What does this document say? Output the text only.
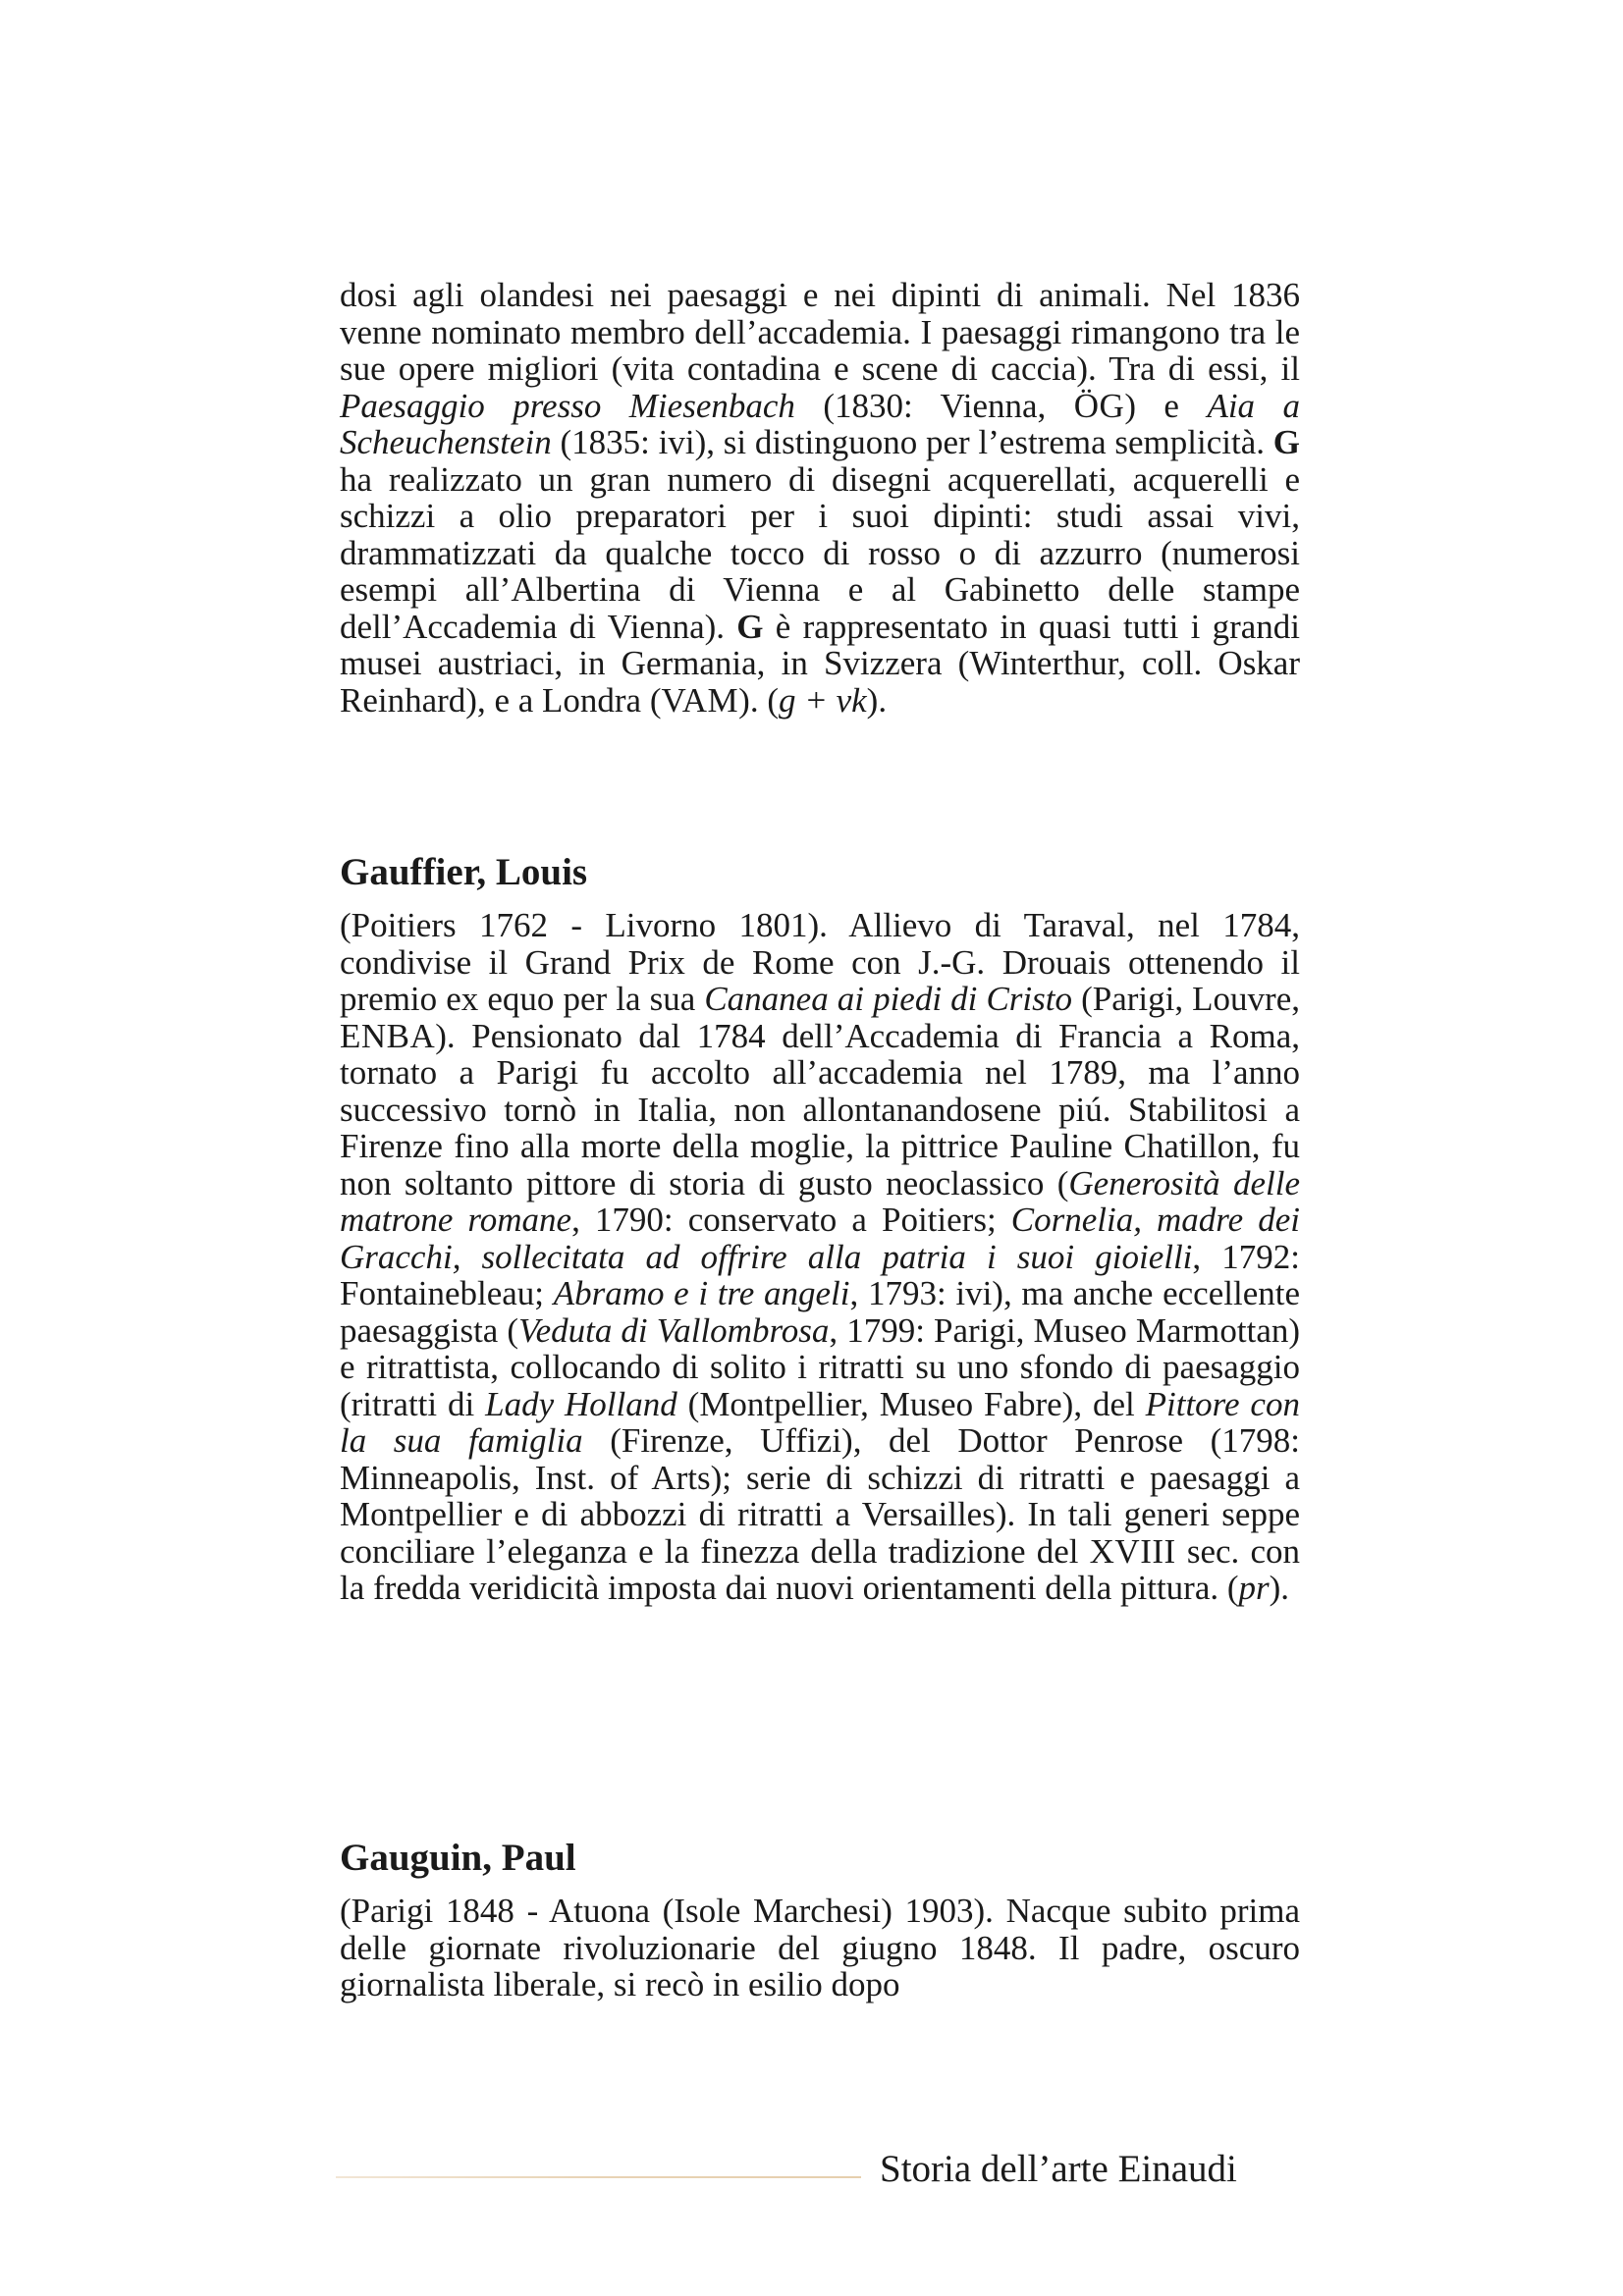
dosi agli olandesi nei paesaggi e nei dipinti di animali. Nel 1836 venne nominato membro dell’accademia. I paesaggi rimangono tra le sue opere migliori (vita contadina e scene di caccia). Tra di essi, il Paesaggio presso Miesenbach (1830: Vienna, ÖG) e Aia a Scheuchenstein (1835: ivi), si distinguono per l’estrema semplicità. G ha realizzato un gran numero di disegni acquerellati, acquerelli e schizzi a olio preparatori per i suoi dipinti: studi assai vivi, drammatizzati da qualche tocco di rosso o di azzurro (numerosi esempi all’Albertina di Vienna e al Gabinetto delle stampe dell’Accademia di Vienna). G è rappresentato in quasi tutti i grandi musei austriaci, in Germania, in Svizzera (Winterthur, coll. Oskar Reinhard), e a Londra (VAM). (g + vk).

Gauffier, Louis

(Poitiers 1762 - Livorno 1801). Allievo di Taraval, nel 1784, condivise il Grand Prix de Rome con J.-G. Drouais ottenendo il premio ex equo per la sua Cananea ai piedi di Cristo (Parigi, Louvre, ENBA). Pensionato dal 1784 dell’Accademia di Francia a Roma, tornato a Parigi fu accolto all’accademia nel 1789, ma l’anno successivo tornò in Italia, non allontanandosene piú. Stabilitosi a Firenze fino alla morte della moglie, la pittrice Pauline Chatillon, fu non soltanto pittore di storia di gusto neoclassico (Generosità delle matrone romane, 1790: conservato a Poitiers; Cornelia, madre dei Gracchi, sollecitata ad offrire alla patria i suoi gioielli, 1792: Fontainebleau; Abramo e i tre angeli, 1793: ivi), ma anche eccellente paesaggista (Veduta di Vallombrosa, 1799: Parigi, Museo Marmottan) e ritrattista, collocando di solito i ritratti su uno sfondo di paesaggio (ritratti di Lady Holland (Montpellier, Museo Fabre), del Pittore con la sua famiglia (Firenze, Uffizi), del Dottor Penrose (1798: Minneapolis, Inst. of Arts); serie di schizzi di ritratti e paesaggi a Montpellier e di abbozzi di ritratti a Versailles). In tali generi seppe conciliare l’eleganza e la finezza della tradizione del XVIII sec. con la fredda veridicità imposta dai nuovi orientamenti della pittura. (pr).

Gauguin, Paul

(Parigi 1848 - Atuona (Isole Marchesi) 1903). Nacque subito prima delle giornate rivoluzionarie del giugno 1848. Il padre, oscuro giornalista liberale, si recò in esilio dopo

Storia dell’arte Einaudi
